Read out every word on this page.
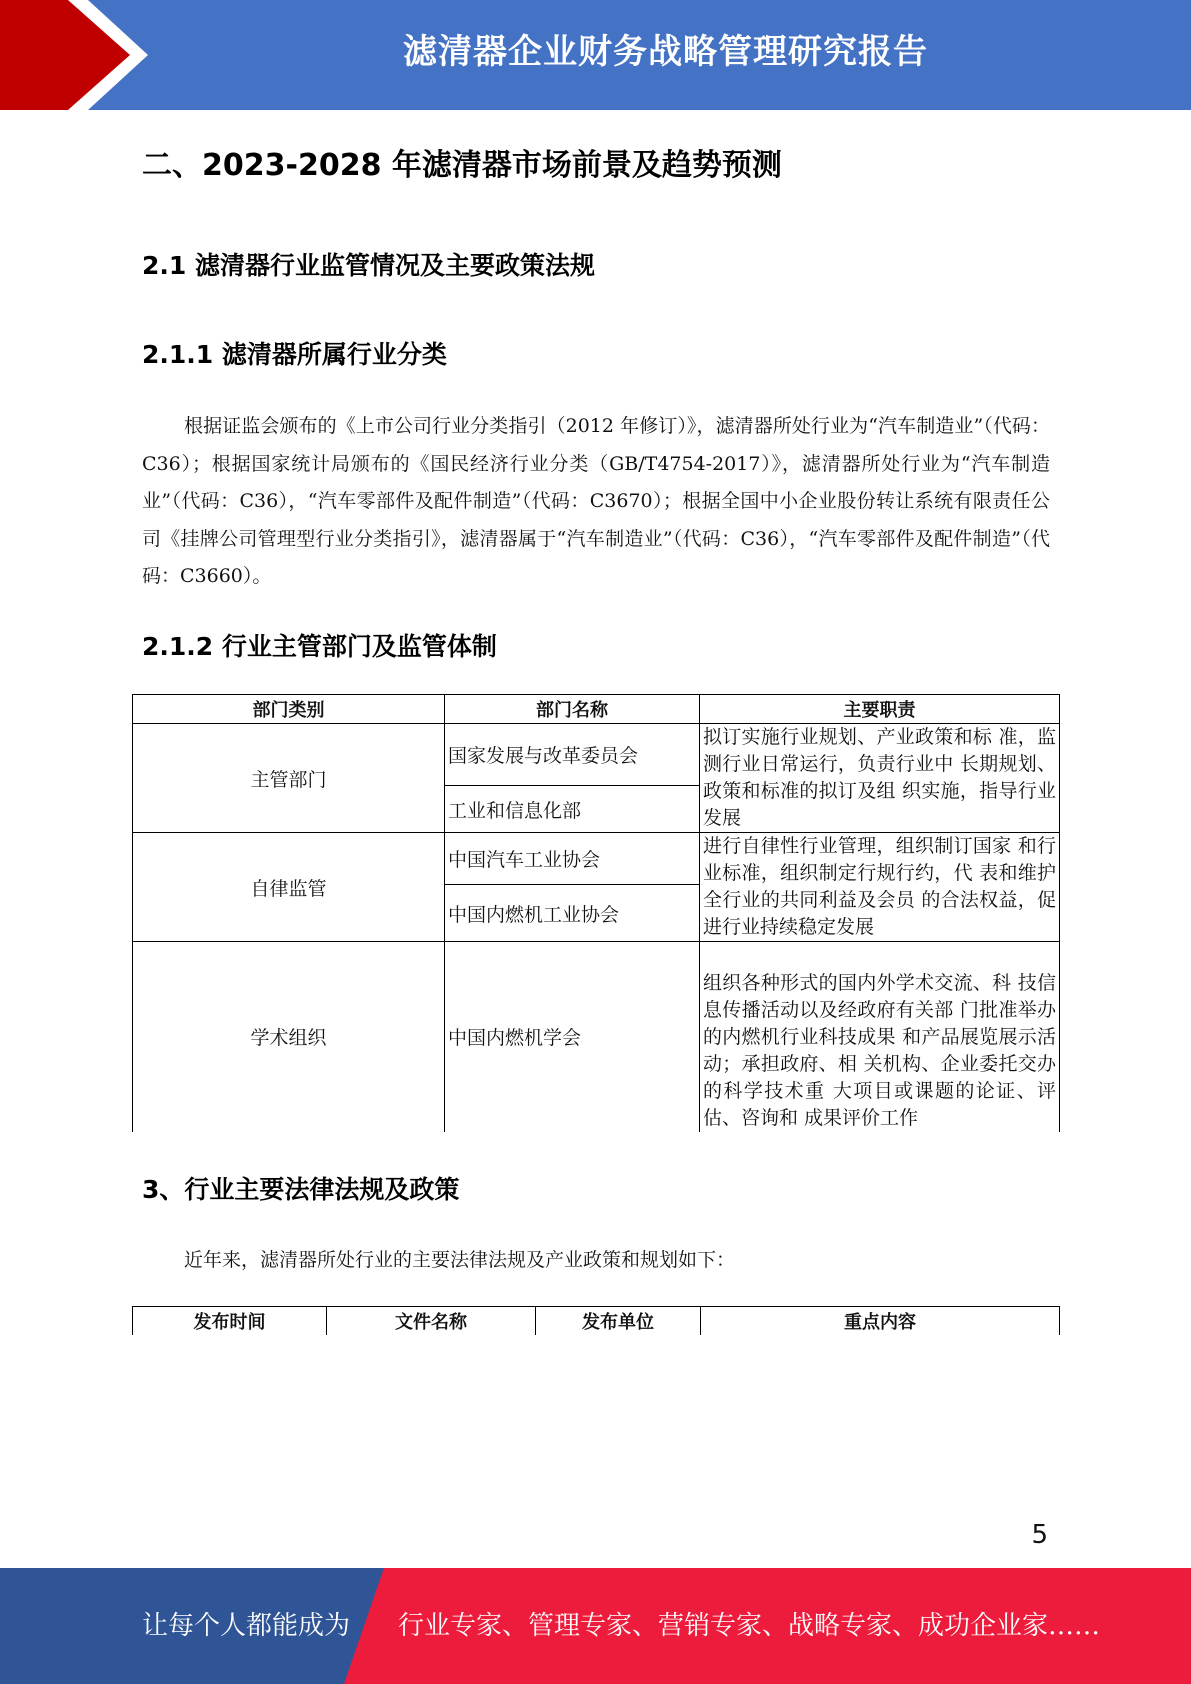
滤清器企业财务战略管理研究报告
二、2023-2028 年滤清器市场前景及趋势预测
2.1 滤清器行业监管情况及主要政策法规
2.1.1 滤清器所属行业分类

根据证监会颁布的《上市公司行业分类指引（2012 年修订）》，滤清器所处行业为“汽车制造业”（代码：C36）；根据国家统计局颁布的《国民经济行业分类（GB/T4754-2017）》，滤清器所处行业为“汽车制造业”（代码：C36），“汽车零部件及配件制造”（代码：C3670）；根据全国中小企业股份转让系统有限责任公司《挂牌公司管理型行业分类指引》，滤清器属于“汽车制造业”（代码：C36），“汽车零部件及配件制造”（代码：C3660）。

2.1.2 行业主管部门及监管体制
部门类别	部门名称	主要职责
主管部门	国家发展与改革委员会	拟订实施行业规划、产业政策和标 准，监测行业日常运行，负责行业中 长期规划、政策和标准的拟订及组 织实施，指导行业发展
	工业和信息化部	
自律监管	中国汽车工业协会	进行自律性行业管理，组织制订国家 和行业标准，组织制定行规行约，代 表和维护全行业的共同利益及会员 的合法权益，促进行业持续稳定发展
	中国内燃机工业协会	
学术组织	中国内燃机学会	组织各种形式的国内外学术交流、科 技信息传播活动以及经政府有关部 门批准举办的内燃机行业科技成果 和产品展览展示活动；承担政府、相 关机构、企业委托交办的科学技术重 大项目或课题的论证、评估、咨询和 成果评价工作
3、行业主要法律法规及政策

近年来，滤清器所处行业的主要法律法规及产业政策和规划如下：

发布时间	文件名称	发布单位	重点内容
5
让每个人都能成为 行业专家、管理专家、营销专家、战略专家、成功企业家……
